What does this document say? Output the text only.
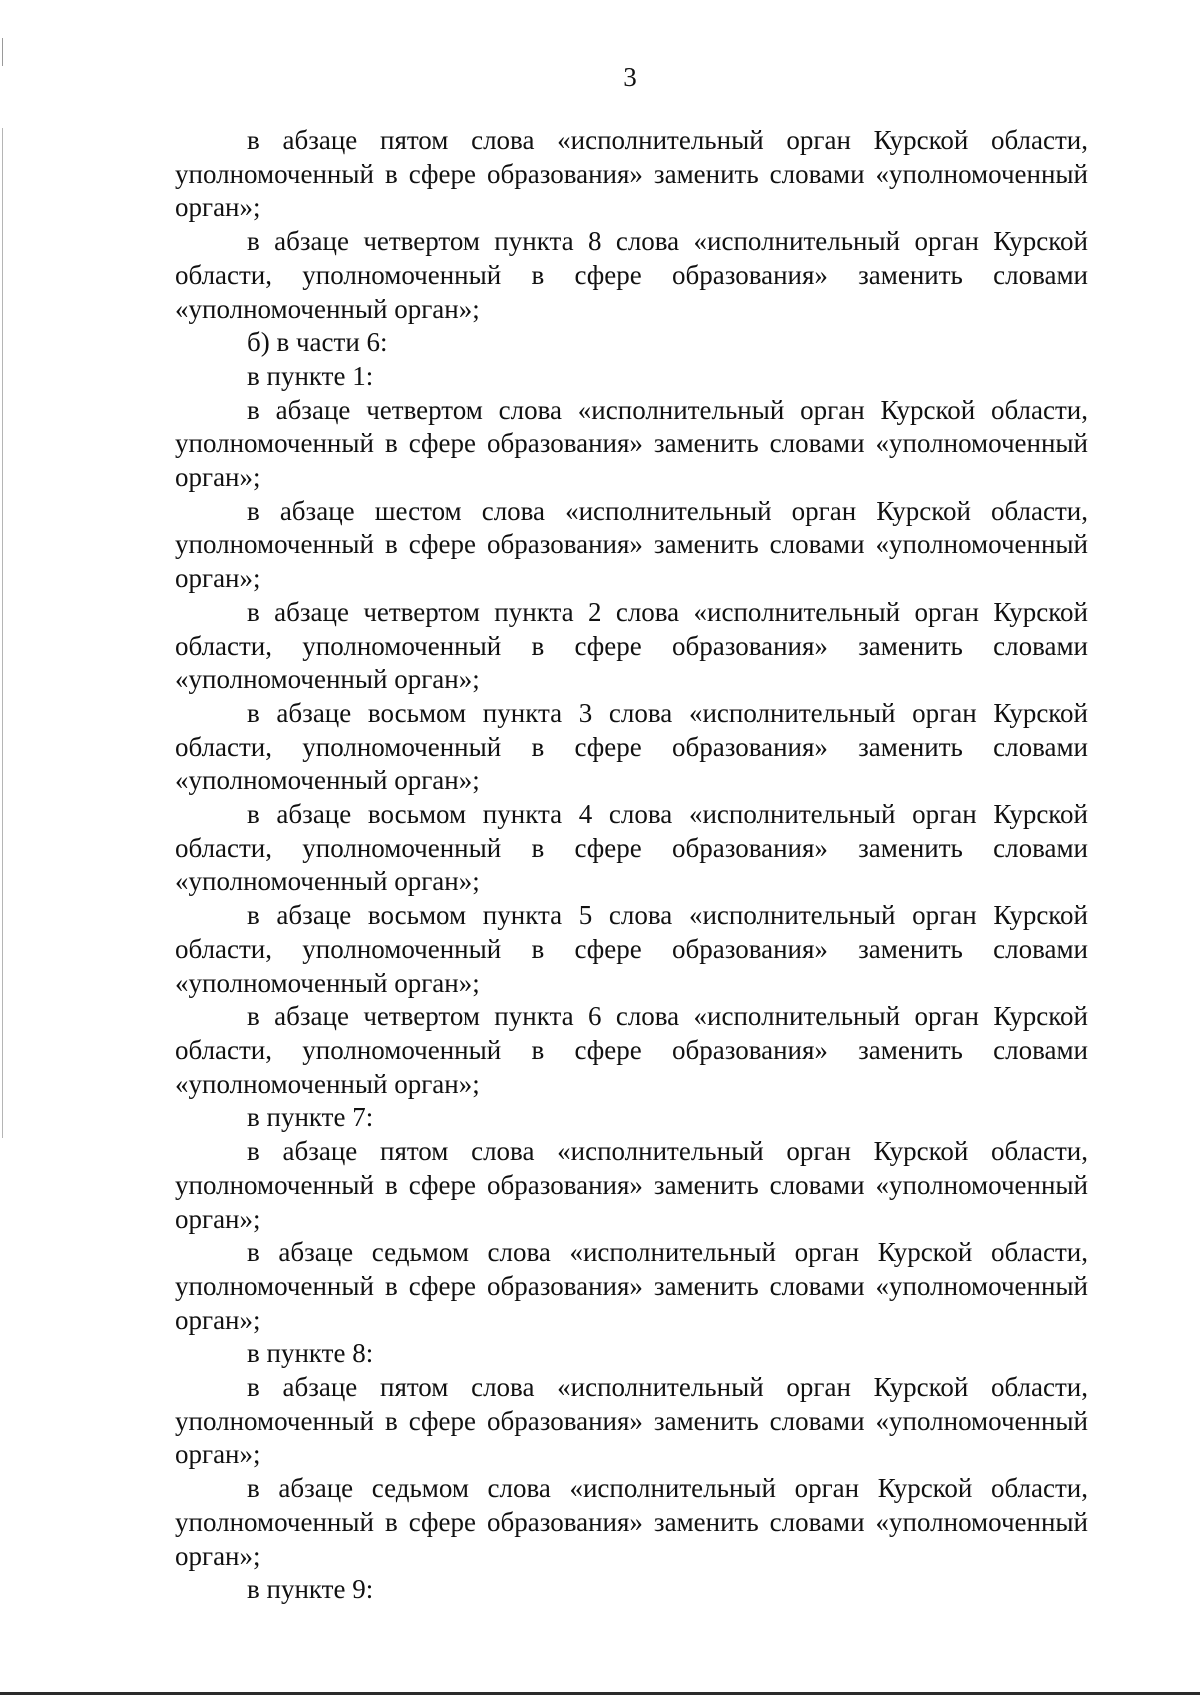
3

в абзаце пятом слова «исполнительный орган Курской области, уполномоченный в сфере образования» заменить словами «уполномоченный орган»;

в абзаце четвертом пункта 8 слова «исполнительный орган Курской области, уполномоченный в сфере образования» заменить словами «уполномоченный орган»;

б) в части 6:

в пункте 1:

в абзаце четвертом слова «исполнительный орган Курской области, уполномоченный в сфере образования» заменить словами «уполномоченный орган»;

в абзаце шестом слова «исполнительный орган Курской области, уполномоченный в сфере образования» заменить словами «уполномоченный орган»;

в абзаце четвертом пункта 2 слова «исполнительный орган Курской области, уполномоченный в сфере образования» заменить словами «уполномоченный орган»;

в абзаце восьмом пункта 3 слова «исполнительный орган Курской области, уполномоченный в сфере образования» заменить словами «уполномоченный орган»;

в абзаце восьмом пункта 4 слова «исполнительный орган Курской области, уполномоченный в сфере образования» заменить словами «уполномоченный орган»;

в абзаце восьмом пункта 5 слова «исполнительный орган Курской области, уполномоченный в сфере образования» заменить словами «уполномоченный орган»;

в абзаце четвертом пункта 6 слова «исполнительный орган Курской области, уполномоченный в сфере образования» заменить словами «уполномоченный орган»;

в пункте 7:

в абзаце пятом слова «исполнительный орган Курской области, уполномоченный в сфере образования» заменить словами «уполномоченный орган»;

в абзаце седьмом слова «исполнительный орган Курской области, уполномоченный в сфере образования» заменить словами «уполномоченный орган»;

в пункте 8:

в абзаце пятом слова «исполнительный орган Курской области, уполномоченный в сфере образования» заменить словами «уполномоченный орган»;

в абзаце седьмом слова «исполнительный орган Курской области, уполномоченный в сфере образования» заменить словами «уполномоченный орган»;

в пункте 9:
